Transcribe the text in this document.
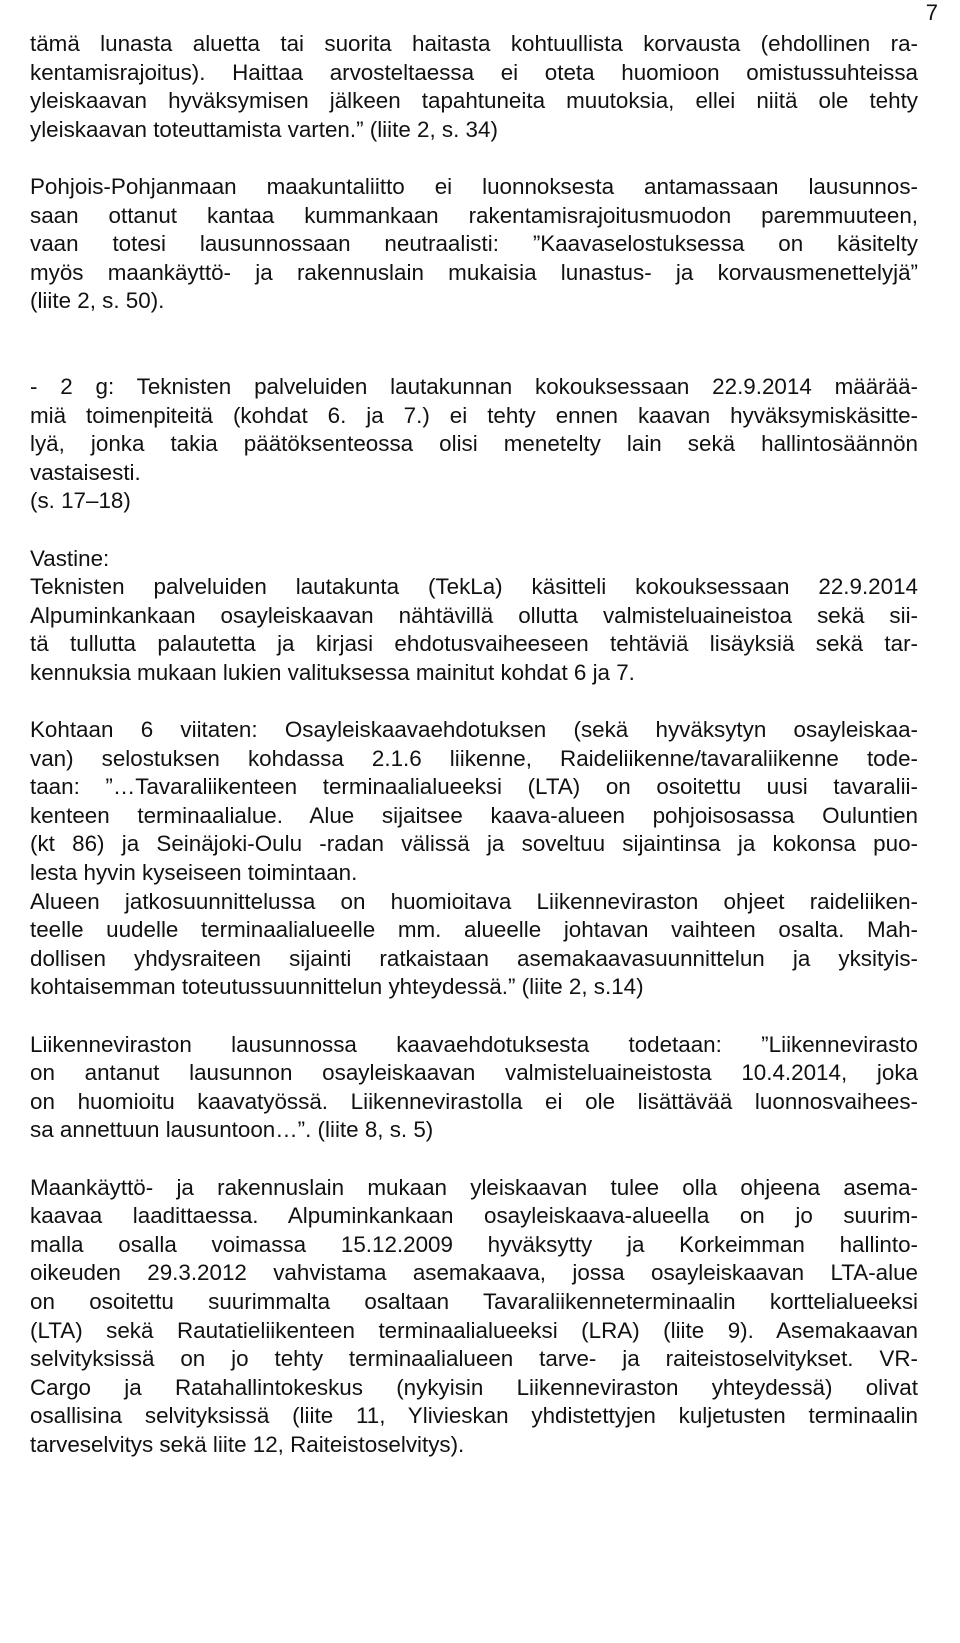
7
tämä lunasta aluetta tai suorita haitasta kohtuullista korvausta (ehdollinen ra-
kentamisrajoitus). Haittaa arvosteltaessa ei oteta huomioon omistussuhteissa
yleiskaavan hyväksymisen jälkeen tapahtuneita muutoksia, ellei niitä ole tehty
yleiskaavan toteuttamista varten.” (liite 2, s. 34)
Pohjois-Pohjanmaan maakuntaliitto ei luonnoksesta antamassaan lausunnos-
saan ottanut kantaa kummankaan rakentamisrajoitusmuodon paremmuuteen,
vaan totesi lausunnossaan neutraalisti: ”Kaavaselostuksessa on käsitelty
myös maankäyttö- ja rakennuslain mukaisia lunastus- ja korvausmenettelyjä”
(liite 2, s. 50).
- 2 g: Teknisten palveluiden lautakunnan kokouksessaan 22.9.2014 määrää-
miä toimenpiteitä (kohdat 6. ja 7.) ei tehty ennen kaavan hyväksymiskäsitte-
lyä, jonka takia päätöksenteossa olisi menetelty lain sekä hallintosäännön
vastaisesti.
(s. 17–18)
Vastine:
Teknisten palveluiden lautakunta (TekLa) käsitteli kokouksessaan 22.9.2014
Alpuminkankaan osayleiskaavan nähtävillä ollutta valmisteluaineistoa sekä sii-
tä tullutta palautetta ja kirjasi ehdotusvaiheeseen tehtäviä lisäyksiä sekä tar-
kennuksia mukaan lukien valituksessa mainitut kohdat 6 ja 7.
Kohtaan 6 viitaten: Osayleiskaavaehdotuksen (sekä hyväksytyn osayleiskaa-
van) selostuksen kohdassa 2.1.6 liikenne, Raideliikenne/tavaraliikenne tode-
taan: ”…Tavaraliikenteen terminaalialueeksi (LTA) on osoitettu uusi tavaralii-
kenteen terminaalialue. Alue sijaitsee kaava-alueen pohjoisosassa Ouluntien
(kt 86) ja Seinäjoki-Oulu -radan välissä ja soveltuu sijaintinsa ja kokonsa puo-
lesta hyvin kyseiseen toimintaan.
Alueen jatkosuunnittelussa on huomioitava Liikenneviraston ohjeet raideliiken-
teelle uudelle terminaalialueelle mm. alueelle johtavan vaihteen osalta. Mah-
dollisen yhdysraiteen sijainti ratkaistaan asemakaavasuunnittelun ja yksityis-
kohtaisemman toteutussuunnittelun yhteydessä.” (liite 2, s.14)
Liikenneviraston lausunnossa kaavaehdotuksesta todetaan: ”Liikennevirasto
on antanut lausunnon osayleiskaavan valmisteluaineistosta 10.4.2014, joka
on huomioitu kaavatyössä. Liikennevirastolla ei ole lisättävää luonnosvaihees-
sa annettuun lausuntoon…”. (liite 8, s. 5)
Maankäyttö- ja rakennuslain mukaan yleiskaavan tulee olla ohjeena asema-
kaavaa laadittaessa. Alpuminkankaan osayleiskaava-alueella on jo suurim-
malla osalla voimassa 15.12.2009 hyväksytty ja Korkeimman hallinto-
oikeuden 29.3.2012 vahvistama asemakaava, jossa osayleiskaavan LTA-alue
on osoitettu suurimmalta osaltaan Tavaraliikenneterminaalin korttelialueeksi
(LTA) sekä Rautatieliikenteen terminaalialueeksi (LRA) (liite 9). Asemakaavan
selvityksissä on jo tehty terminaalialueen tarve- ja raiteistoselvitykset. VR-
Cargo ja Ratahallintokeskus (nykyisin Liikenneviraston yhteydessä) olivat
osallisina selvityksissä (liite 11, Ylivieskan yhdistettyjen kuljetusten terminaalin
tarveselvitys sekä liite 12, Raiteistoselvitys).
